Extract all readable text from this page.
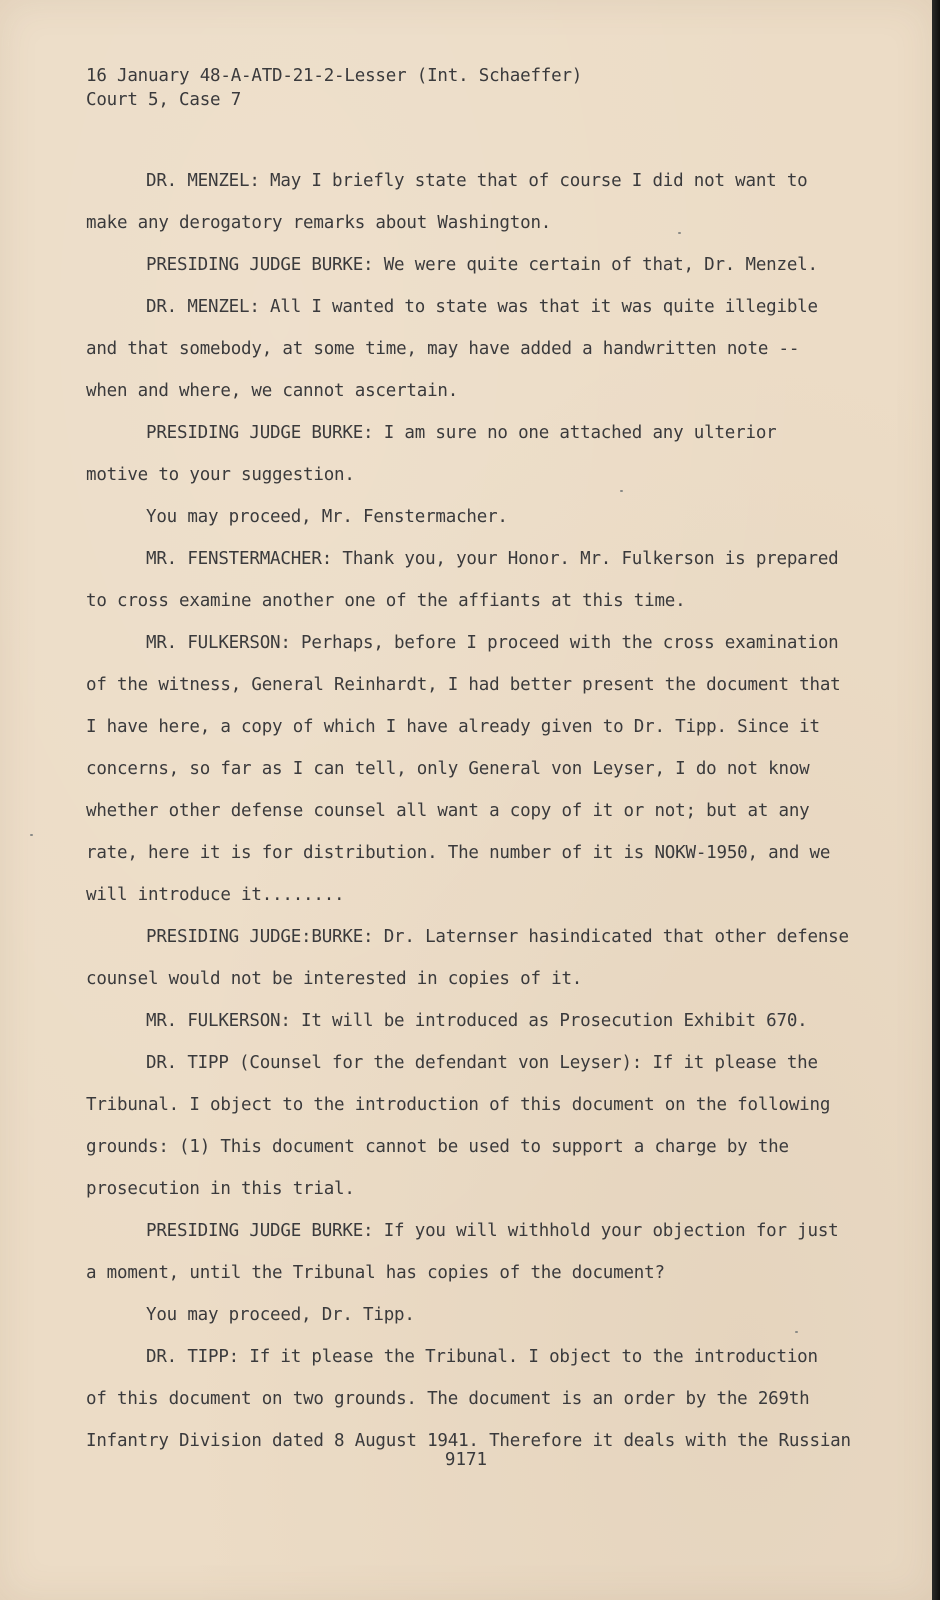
16 January 48-A-ATD-21-2-Lesser (Int. Schaeffer)
Court 5, Case 7
DR. MENZEL: May I briefly state that of course I did not want to
make any derogatory remarks about Washington.
PRESIDING JUDGE BURKE: We were quite certain of that, Dr. Menzel.
DR. MENZEL: All I wanted to state was that it was quite illegible
and that somebody, at some time, may have added a handwritten note --
when and where, we cannot ascertain.
PRESIDING JUDGE BURKE: I am sure no one attached any ulterior
motive to your suggestion.
You may proceed, Mr. Fenstermacher.
MR. FENSTERMACHER: Thank you, your Honor. Mr. Fulkerson is prepared
to cross examine another one of the affiants at this time.
MR. FULKERSON: Perhaps, before I proceed with the cross examination
of the witness, General Reinhardt, I had better present the document that
I have here, a copy of which I have already given to Dr. Tipp. Since it
concerns, so far as I can tell, only General von Leyser, I do not know
whether other defense counsel all want a copy of it or not; but at any
rate, here it is for distribution. The number of it is NOKW-1950, and we
will introduce it........
PRESIDING JUDGE:BURKE: Dr. Laternser hasindicated that other defense
counsel would not be interested in copies of it.
MR. FULKERSON: It will be introduced as Prosecution Exhibit 670.
DR. TIPP (Counsel for the defendant von Leyser): If it please the
Tribunal. I object to the introduction of this document on the following
grounds: (1) This document cannot be used to support a charge by the
prosecution in this trial.
PRESIDING JUDGE BURKE: If you will withhold your objection for just
a moment, until the Tribunal has copies of the document?
You may proceed, Dr. Tipp.
DR. TIPP: If it please the Tribunal. I object to the introduction
of this document on two grounds. The document is an order by the 269th
Infantry Division dated 8 August 1941. Therefore it deals with the Russian
9171
